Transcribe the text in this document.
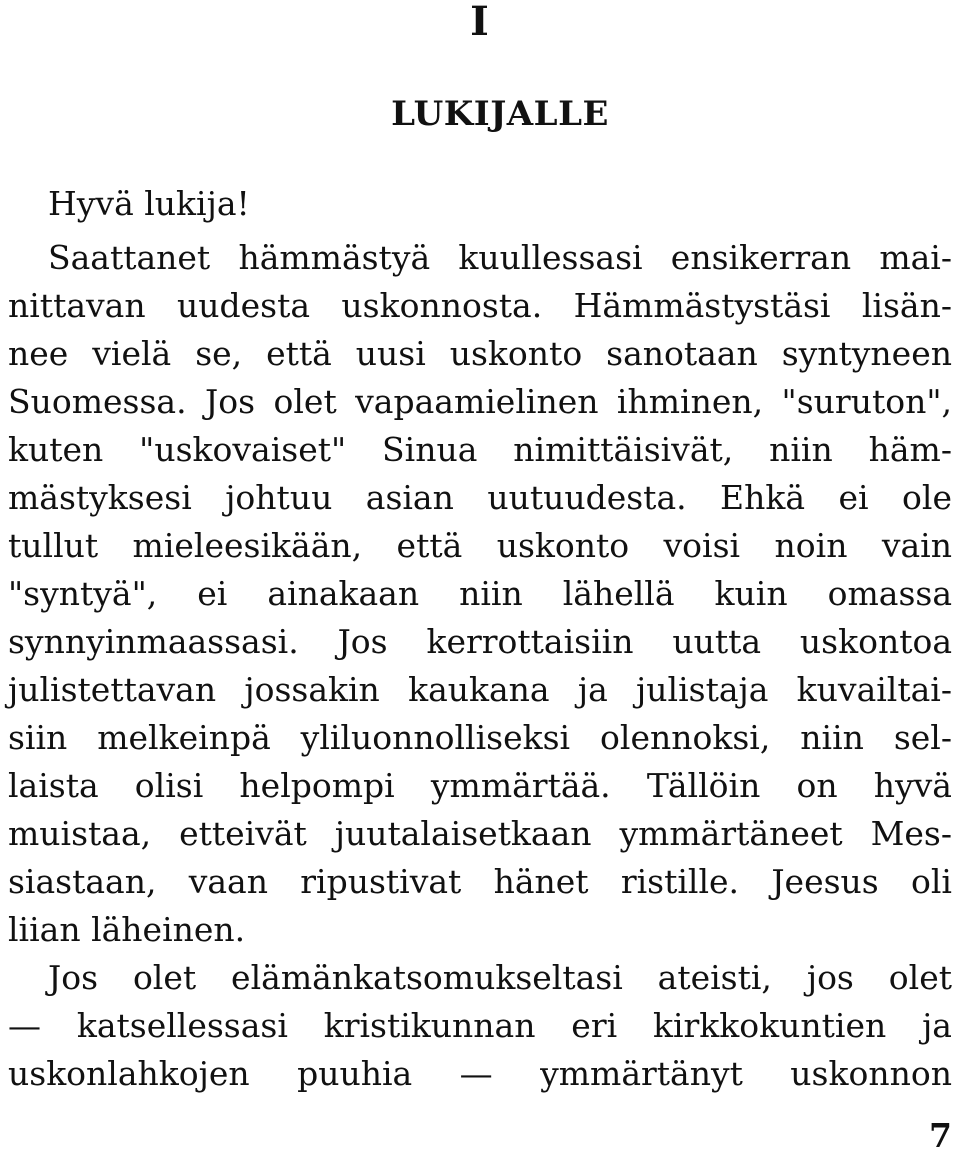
I
LUKIJALLE
Hyvä lukija!
Saattanet hämmästyä kuullessasi ensikerran mai-
nittavan uudesta uskonnosta. Hämmästystäsi lisän-
nee vielä se, että uusi uskonto sanotaan syntyneen
Suomessa. Jos olet vapaamielinen ihminen, "suruton",
kuten "uskovaiset" Sinua nimittäisivät, niin häm-
mästyksesi johtuu asian uutuudesta. Ehkä ei ole
tullut mieleesikään, että uskonto voisi noin vain
"syntyä", ei ainakaan niin lähellä kuin omassa
synnyinmaassasi. Jos kerrottaisiin uutta uskontoa
julistettavan jossakin kaukana ja julistaja kuvailtai-
siin melkeinpä yliluonnolliseksi olennoksi, niin sel-
laista olisi helpompi ymmärtää. Tällöin on hyvä
muistaa, etteivät juutalaisetkaan ymmärtäneet Mes-
siastaan, vaan ripustivat hänet ristille. Jeesus oli
liian läheinen.
Jos olet elämänkatsomukseltasi ateisti, jos olet
— katsellessasi kristikunnan eri kirkkokuntien ja
uskonlahkojen puuhia — ymmärtänyt uskonnon
7
